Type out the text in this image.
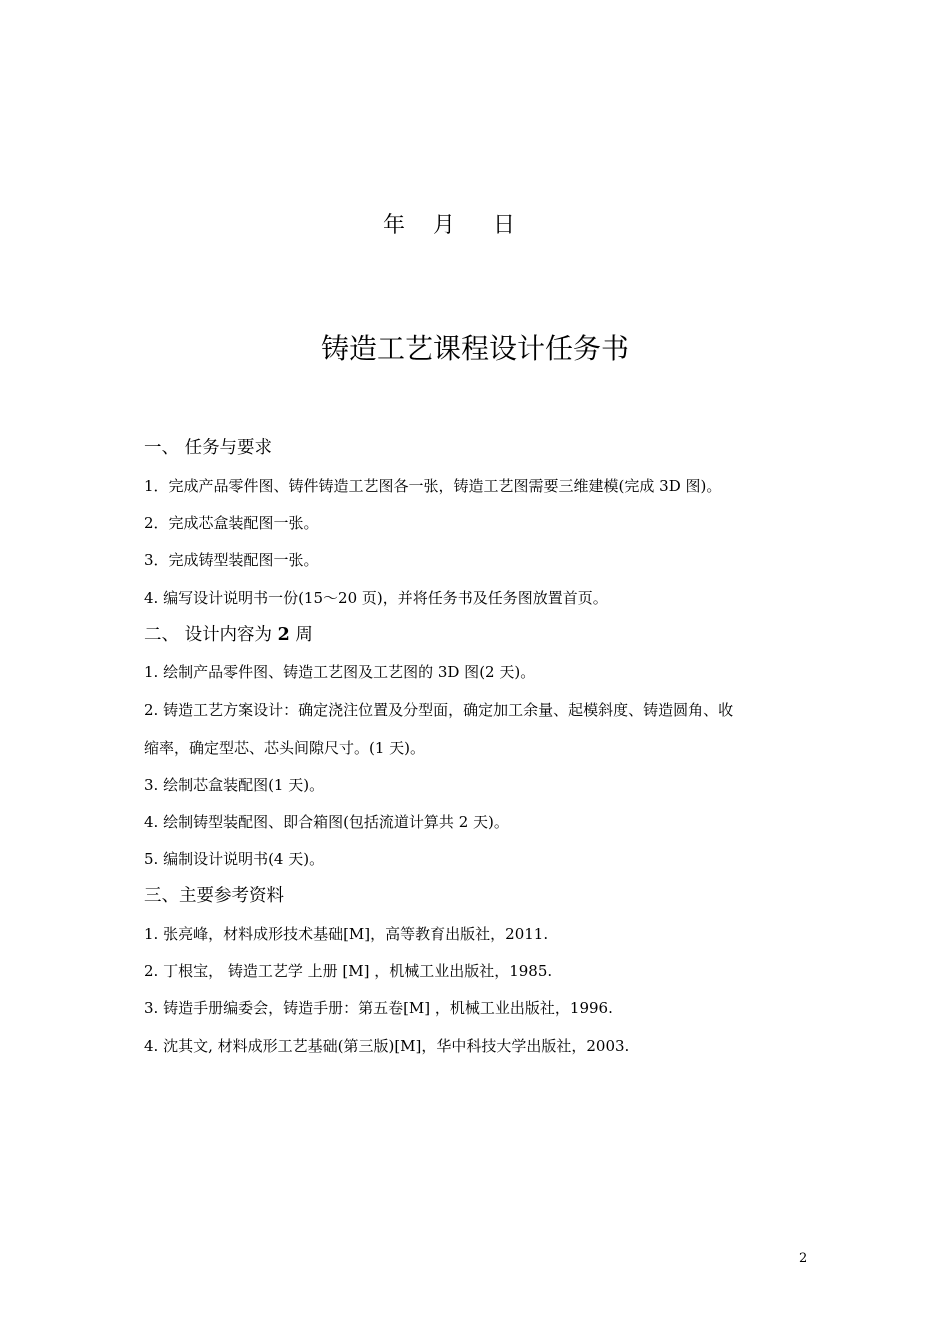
年 月 日
铸造工艺课程设计任务书
一、 任务与要求
1．完成产品零件图、铸件铸造工艺图各一张，铸造工艺图需要三维建模(完成 3D 图)。
2．完成芯盒装配图一张。
3．完成铸型装配图一张。
4. 编写设计说明书一份(15～20 页)，并将任务书及任务图放置首页。
二、 设计内容为 2 周
1. 绘制产品零件图、铸造工艺图及工艺图的 3D 图(2 天)。
2. 铸造工艺方案设计：确定浇注位置及分型面，确定加工余量、起模斜度、铸造圆角、收
缩率，确定型芯、芯头间隙尺寸。(1 天)。
3. 绘制芯盒装配图(1 天)。
4. 绘制铸型装配图、即合箱图(包括流道计算共 2 天)。
5. 编制设计说明书(4 天)。
三、主要参考资料
1. 张亮峰，材料成形技术基础[M]，高等教育出版社，2011.
2. 丁根宝， 铸造工艺学 上册 [M] ，机械工业出版社，1985.
3. 铸造手册编委会，铸造手册：第五卷[M] ，机械工业出版社，1996.
4. 沈其文, 材料成形工艺基础(第三版)[M]，华中科技大学出版社，2003.
2
